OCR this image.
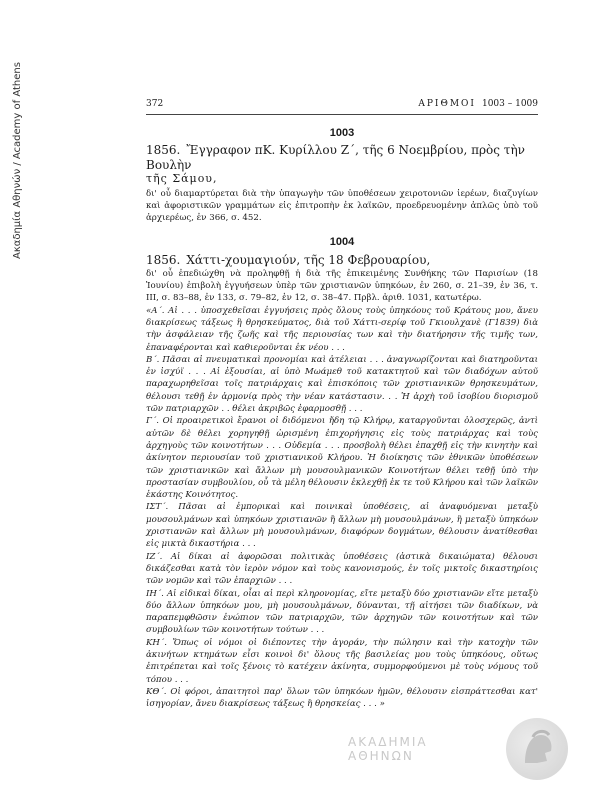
Ακαδημία Αθηνών / Academy of Athens	372	ΑΡΙΘΜΟΙ 1003 – 1009
1003

1856. Ἔγγραφον πΚ. Κυρίλλου Ζ΄, τῆς 6 Νοεμβρίου, πρὸς τὴν Βουλὴν

τῆς Σάμου,

δι' οὗ διαμαρτύρεται διὰ τὴν ὑπαγωγὴν τῶν ὑποθέσεων χειροτονιῶν ἱερέων, διαζυγίων καὶ ἀφοριστικῶν γραμμάτων εἰς ἐπιτροπὴν ἐκ λαϊκῶν, προεδρευομένην ἁπλῶς ὑπὸ τοῦ ἀρχιερέως, ἐν 366, σ. 452.

1004

1856. Χάττι-χουμαγιούν, τῆς 18 Φεβρουαρίου,

δι' οὗ ἐπεδιώχθη νὰ προληφθῇ ἡ διὰ τῆς ἐπικειμένης Συνθήκης τῶν Παρισίων (18 Ἰουνίου) ἐπιβολὴ ἐγγυήσεων ὑπὲρ τῶν χριστιανῶν ὑπηκόων, ἐν 260, σ. 21–39, ἐν 36, τ. III, σ. 83–88, ἐν 133, σ. 79–82, ἐν 12, σ. 38–47. Πρβλ. ἀριθ. 1031, κατωτέρω.

«Α΄. Αἱ . . . ὑποσχεθεῖσαι ἐγγυήσεις πρὸς ὅλους τοὺς ὑπηκόους τοῦ Κράτους μου, ἄνευ διακρίσεως τάξεως ἢ θρησκεύματος, διὰ τοῦ Χάττι-σερίφ τοῦ Γκιουλχανὲ (Γ1839) διὰ τὴν ἀσφάλειαν τῆς ζωῆς καὶ τῆς περιουσίας των καὶ τὴν διατήρησιν τῆς τιμῆς των, ἐπαναφέρονται καὶ καθιεροῦνται ἐκ νέου . . .

Β΄. Πᾶσαι αἱ πνευματικαὶ προνομίαι καὶ ἀτέλειαι . . . ἀναγνωρίζονται καὶ διατηροῦνται ἐν ἰσχύϊ . . . Αἱ ἐξουσίαι, αἱ ὑπὸ Μωάμεθ τοῦ κατακτητοῦ καὶ τῶν διαδόχων αὐτοῦ παραχωρηθεῖσαι τοῖς πατριάρχαις καὶ ἐπισκόποις τῶν χριστιανικῶν θρησκευμάτων, θέλουσι τεθῇ ἐν ἁρμονίᾳ πρὸς τὴν νέαν κατάστασιν. . . Ἡ ἀρχὴ τοῦ ἰσοβίου διορισμοῦ τῶν πατριαρχῶν . . θέλει ἀκριβῶς ἐφαρμοσθῇ . . .

Γ΄. Οἱ προαιρετικοὶ ἔρανοι οἱ διδόμενοι ἤδη τῷ Κλήρῳ, καταργοῦνται ὁλοσχερῶς, ἀντὶ αὐτῶν δὲ θέλει χορηγηθῇ ὡρισμένη ἐπιχορήγησις εἰς τοὺς πατριάρχας καὶ τοὺς ἀρχηγοὺς τῶν κοινοτήτων . . . Οὐδεμία . . . προσβολὴ θέλει ἐπαχθῇ εἰς τὴν κινητὴν καὶ ἀκίνητον περιουσίαν τοῦ χριστιανικοῦ Κλήρου. Ἡ διοίκησις τῶν ἐθνικῶν ὑποθέσεων τῶν χριστιανικῶν καὶ ἄλλων μὴ μουσουλμανικῶν Κοινοτήτων θέλει τεθῇ ὑπὸ τὴν προστασίαν συμβουλίου, οὗ τὰ μέλη θέλουσιν ἐκλεχθῇ ἐκ τε τοῦ Κλήρου καὶ τῶν λαϊκῶν ἑκάστης Κοινότητος.

ΙΣΤ΄. Πᾶσαι αἱ ἐμπορικαὶ καὶ ποινικαὶ ὑποθέσεις, αἱ ἀναφυόμεναι μεταξὺ μουσουλμάνων καὶ ὑπηκόων χριστιανῶν ἢ ἄλλων μὴ μουσουλμάνων, ἢ μεταξὺ ὑπηκόων χριστιανῶν καὶ ἄλλων μὴ μουσουλμάνων, διαφόρων δογμάτων, θέλουσιν ἀνατίθεσθαι εἰς μικτὰ δικαστήρια . . .

ΙΖ΄. Αἱ δίκαι αἱ ἀφορῶσαι πολιτικὰς ὑποθέσεις (ἀστικὰ δικαιώματα) θέλουσι δικάζεσθαι κατὰ τὸν ἱερὸν νόμον καὶ τοὺς κανονισμούς, ἐν τοῖς μικτοῖς δικαστηρίοις τῶν νομῶν καὶ τῶν ἐπαρχιῶν . . .

ΙΗ΄. Αἱ εἰδικαὶ δίκαι, οἷαι αἱ περὶ κληρονομίας, εἴτε μεταξὺ δύο χριστιανῶν εἴτε μεταξὺ δύο ἄλλων ὑπηκόων μου, μὴ μουσουλμάνων, δύνανται, τῇ αἰτήσει τῶν διαδίκων, νὰ παραπεμφθῶσιν ἐνώπιον τῶν πατριαρχῶν, τῶν ἀρχηγῶν τῶν κοινοτήτων καὶ τῶν συμβουλίων τῶν κοινοτήτων τούτων . . .

ΚΗ΄. Ὅπως οἱ νόμοι οἱ διέποντες τὴν ἀγοράν, τὴν πώλησιν καὶ τὴν κατοχὴν τῶν ἀκινήτων κτημάτων εἶσι κοινοὶ δι' ὅλους τῆς βασιλείας μου τοὺς ὑπηκόους, οὕτως ἐπιτρέπεται καὶ τοῖς ξένοις τὸ κατέχειν ἀκίνητα, συμμορφούμενοι μὲ τοὺς νόμους τοῦ τόπου . . .

ΚΘ΄. Οἱ φόροι, ἀπαιτητοὶ παρ' ὅλων τῶν ὑπηκόων ἡμῶν, θέλουσιν εἰσπράττεσθαι κατ' ἰσηγορίαν, ἄνευ διακρίσεως τάξεως ἢ θρησκείας . . . »

ΑΚΑΔΗΜΙΑ ΑΘΗΝΩΝ
